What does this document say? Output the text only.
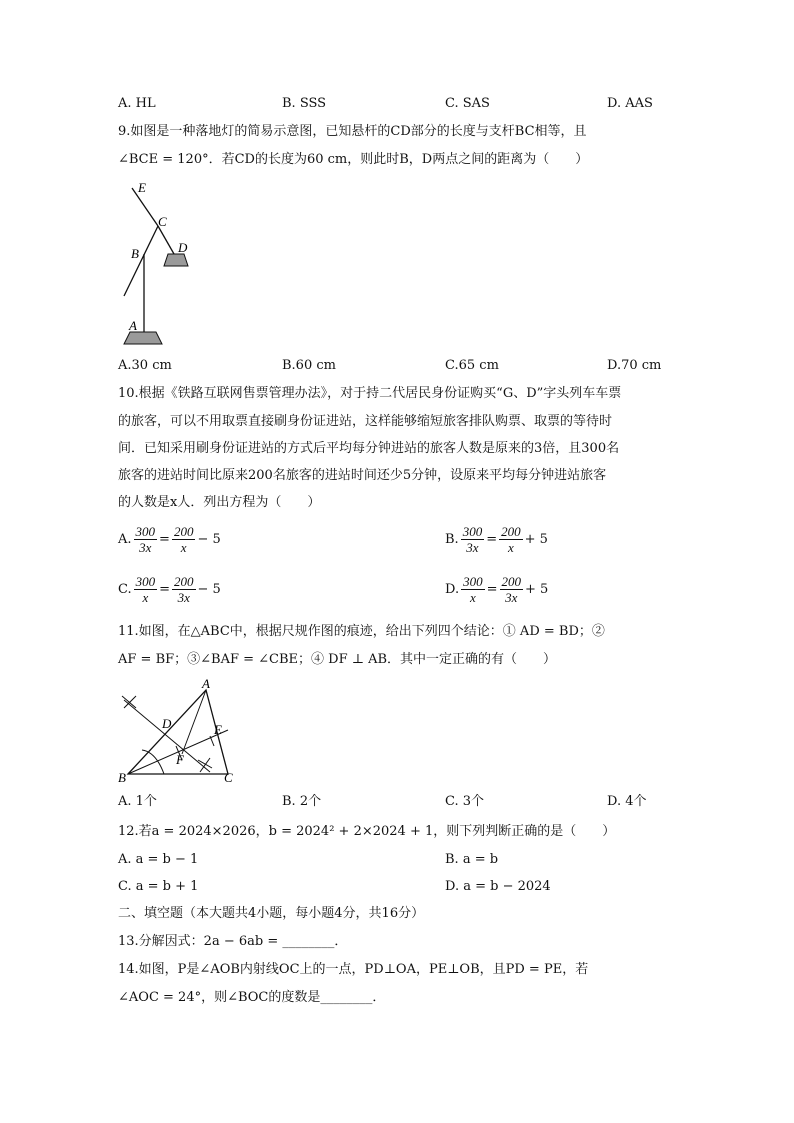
A. HL	B. SSS	C. SAS	D. AAS
9.如图是一种落地灯的简易示意图，已知悬杆的CD部分的长度与支杆BC相等，且
∠BCE = 120°．若CD的长度为60 cm，则此时B，D两点之间的距离为（　　）
E
C
B	D
A
A.30 cm	B.60 cm	C.65 cm	D.70 cm
10.根据《铁路互联网售票管理办法》，对于持二代居民身份证购买“G、D”字头列车车票
的旅客，可以不用取票直接刷身份证进站，这样能够缩短旅客排队购票、取票的等待时
间．已知采用刷身份证进站的方式后平均每分钟进站的旅客人数是原来的3倍，且300名
旅客的进站时间比原来200名旅客的进站时间还少5分钟，设原来平均每分钟进站旅客
的人数是x人．列出方程为（　　）
A. $\frac{300}{3x} = \frac{200}{x} - 5$	B. $\frac{300}{3x} = \frac{200}{x} + 5$
C. $\frac{300}{x} = \frac{200}{3x} - 5$	D. $\frac{300}{x} = \frac{200}{3x} + 5$
11.如图，在△ABC中，根据尺规作图的痕迹，给出下列四个结论：① AD = BD；②
AF = BF；③∠BAF = ∠CBE；④ DF ⊥ AB．其中一定正确的有（　　）
A
D	E
F
B	C
A. 1个	B. 2个	C. 3个	D. 4个
12.若a = 2024×2026，b = 2024² + 2×2024 + 1，则下列判断正确的是（　　）
A. a = b − 1	B. a = b
C. a = b + 1	D. a = b − 2024
二、填空题（本大题共4小题，每小题4分，共16分）
13.分解因式：2a − 6ab = ________．
14.如图，P是∠AOB内射线OC上的一点，PD⊥OA，PE⊥OB，且PD = PE，若
∠AOC = 24°，则∠BOC的度数是________．
